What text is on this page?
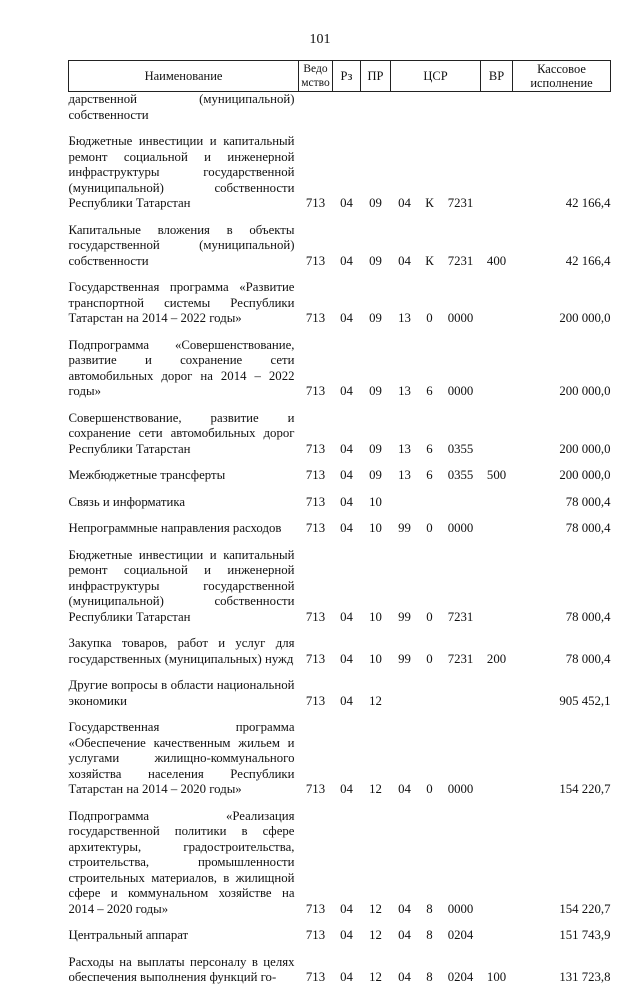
101
Наименование	Ведомство	Рз	ПР	ЦСР			ВР	Кассовое исполнение
дарственной (муниципальной) собственности								

Бюджетные инвестиции и капитальный ремонт социальной и инженерной инфраструктуры государственной (муниципальной) собственности Республики Татарстан	713	04	09	04	К	7231		42 166,4

Капитальные вложения в объекты государственной (муниципальной) собственности	713	04	09	04	К	7231	400	42 166,4

Государственная программа «Развитие транспортной системы Республики Татарстан на 2014 – 2022 годы»	713	04	09	13	0	0000		200 000,0

Подпрограмма «Совершенствование, развитие и сохранение сети автомобильных дорог на 2014 – 2022 годы»	713	04	09	13	6	0000		200 000,0

Совершенствование, развитие и сохранение сети автомобильных дорог Республики Татарстан	713	04	09	13	6	0355		200 000,0

Межбюджетные трансферты	713	04	09	13	6	0355	500	200 000,0

Связь и информатика	713	04	10					78 000,4

Непрограммные направления расходов	713	04	10	99	0	0000		78 000,4

Бюджетные инвестиции и капитальный ремонт социальной и инженерной инфраструктуры государственной (муниципальной) собственности Республики Татарстан	713	04	10	99	0	7231		78 000,4

Закупка товаров, работ и услуг для государственных (муниципальных) нужд	713	04	10	99	0	7231	200	78 000,4

Другие вопросы в области национальной экономики	713	04	12					905 452,1

Государственная программа «Обеспечение качественным жильем и услугами жилищно-коммунального хозяйства населения Республики Татарстан на 2014 – 2020 годы»	713	04	12	04	0	0000		154 220,7

Подпрограмма «Реализация государственной политики в сфере архитектуры, градостроительства, строительства, промышленности строительных материалов, в жилищной сфере и коммунальном хозяйстве на 2014 – 2020 годы»	713	04	12	04	8	0000		154 220,7

Центральный аппарат	713	04	12	04	8	0204		151 743,9

Расходы на выплаты персоналу в целях обеспечения выполнения функций го-	713	04	12	04	8	0204	100	131 723,8
